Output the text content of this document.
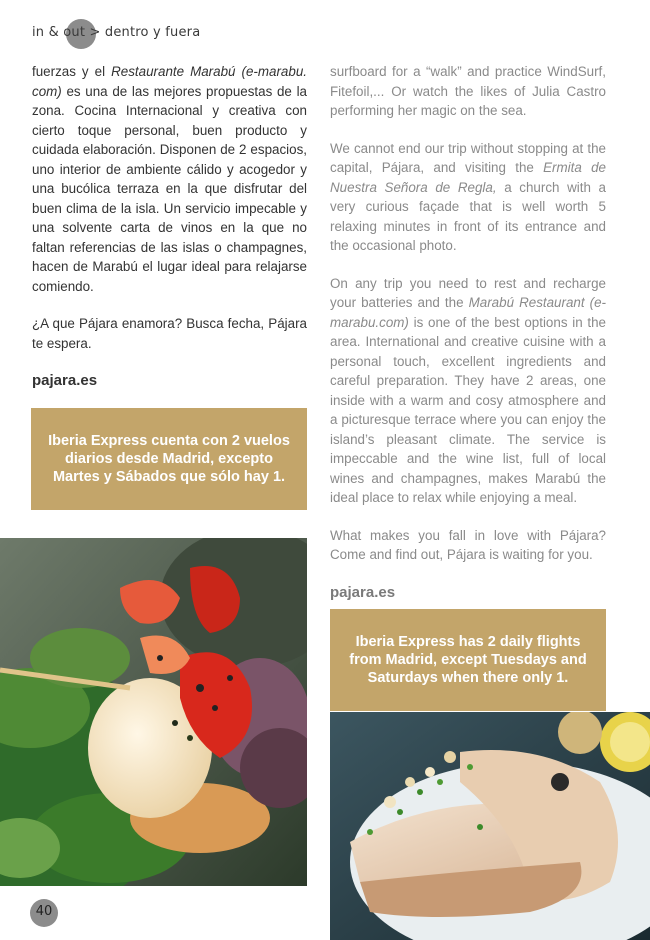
in & out > dentro y fuera

fuerzas y el Restaurante Marabú (e-marabu. com) es una de las mejores propuestas de la zona. Cocina Internacional y creativa con cierto toque personal, buen producto y cuidada elaboración. Disponen de 2 espacios, uno interior de ambiente cálido y acogedor y una bucólica terraza en la que disfrutar del buen clima de la isla. Un servicio impecable y una solvente carta de vinos en la que no faltan referencias de las islas o champagnes, hacen de Marabú el lugar ideal para relajarse comiendo.

¿A que Pájara enamora? Busca fecha, Pájara te espera.

pajara.es
Iberia Express cuenta con 2 vuelos diarios desde Madrid, excepto Martes y Sábados que sólo hay 1.
40

surfboard for a “walk” and practice WindSurf, Fitefoil,... Or watch the likes of Julia Castro performing her magic on the sea.

We cannot end our trip without stopping at the capital, Pájara, and visiting the Ermita de Nuestra Señora de Regla, a church with a very curious façade that is well worth 5 relaxing minutes in front of its entrance and the occasional photo.

On any trip you need to rest and recharge your batteries and the Marabú Restaurant (e-marabu.com) is one of the best options in the area. International and creative cuisine with a personal touch, excellent ingredients and careful preparation. They have 2 areas, one inside with a warm and cosy atmosphere and a picturesque terrace where you can enjoy the island’s pleasant climate. The service is impeccable and the wine list, full of local wines and champagnes, makes Marabú the ideal place to relax while enjoying a meal.

What makes you fall in love with Pájara? Come and find out, Pájara is waiting for you.

pajara.es
Iberia Express has 2 daily flights from Madrid, except Tuesdays and Saturdays when there only 1.
